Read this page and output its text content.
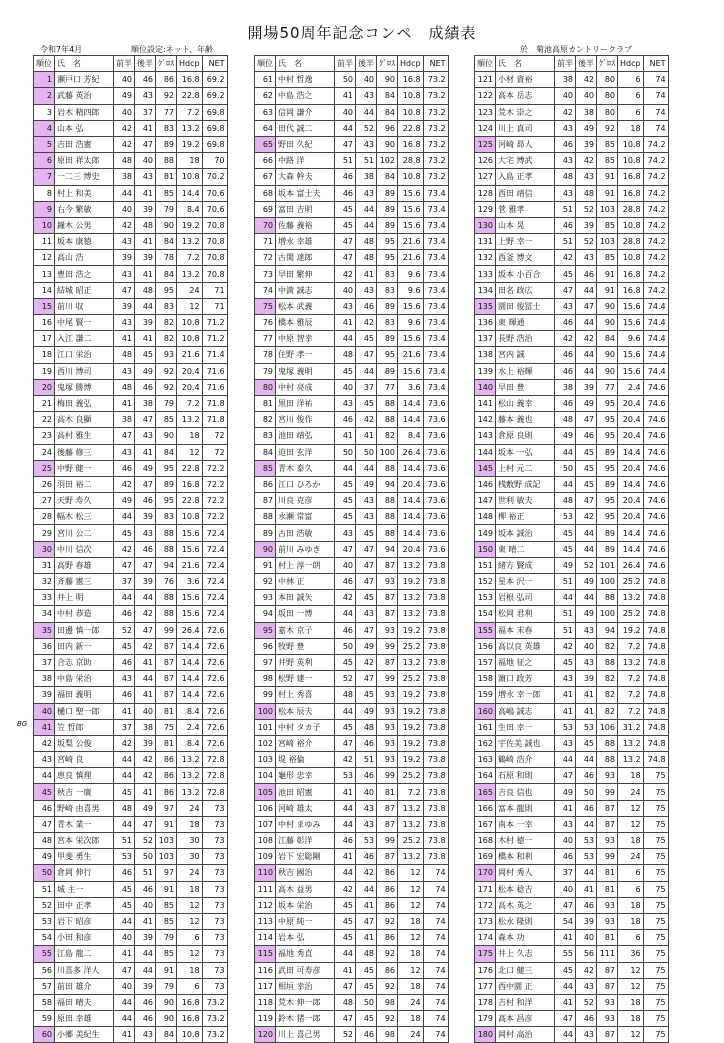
開場50周年記念コンペ　成績表
令和7年4月	順位設定:ネット、年齢	於　菊池高原カントリークラブ
順位	氏　名	前半	後半	ｸﾞﾛｽ	Hdcp	NET
1	瀬戸口 芳紀	40	46	86	16.8	69.2
2	武藤 英治	49	43	92	22.8	69.2
3	岩木 精四郎	40	37	77	7.2	69.8
4	山本 弘	42	41	83	13.2	69.8
5	吉田 浩憲	42	47	89	19.2	69.8
6	原田 祥太郎	48	40	88	18	70
7	一二三 博史	38	43	81	10.8	70.2
8	村上 和美	44	41	85	14.4	70.6
9	右今 繁敏	40	39	79	8.4	70.6
10	鐘木 公男	42	48	90	19.2	70.8
11	坂本 康徳	43	41	84	13.2	70.8
12	高山 浩	39	39	78	7.2	70.8
13	豊田 浩之	43	41	84	13.2	70.8
14	結城 昭正	47	48	95	24	71
15	前川 収	39	44	83	12	71
16	中尾 賢一	43	39	82	10.8	71.2
17	入江 謙二	41	41	82	10.8	71.2
18	江口 栄治	48	45	93	21.6	71.4
19	西川 博司	43	49	92	20.4	71.6
20	鬼塚 勝博	48	46	92	20.4	71.6
21	梅田 義弘	41	38	79	7.2	71.8
22	高木 良顯	38	47	85	13.2	71.8
23	高村 雅生	47	43	90	18	72
24	後藤 修三	43	41	84	12	72
25	中野 健一	46	49	95	22.8	72.2
26	羽田 裕二	42	47	89	16.8	72.2
27	天野 寿久	49	46	95	22.8	72.2
28	幅木 松三	44	39	83	10.8	72.2
29	宮川 公二	45	43	88	15.6	72.4
30	中川 信次	42	46	88	15.6	72.4
31	高野 春雄	47	47	94	21.6	72.4
32	斉藤 憲三	37	39	76	3.6	72.4
33	井上 明	44	44	88	15.6	72.4
34	中村 恭造	46	42	88	15.6	72.4
35	田邊 慎一郎	52	47	99	26.4	72.6
36	田内 新一	45	42	87	14.4	72.6
37	合志 京助	46	41	87	14.4	72.6
38	中島 栄治	43	44	87	14.4	72.6
39	福田 義明	46	41	87	14.4	72.6
40	樋口 聖一郎	41	40	81	8.4	72.6
41	笠 哲郎	37	38	75	2.4	72.6
42	坂梨 公俊	42	39	81	8.4	72.6
43	宮崎 良	44	42	86	13.2	72.8
44	恵良 慎理	44	42	86	13.2	72.8
45	秋吉 一廣	45	41	86	13.2	72.8
46	野崎 由喜男	48	49	97	24	73
47	青木 業一	44	47	91	18	73
48	宮本 栄次郎	51	52	103	30	73
49	甲斐 勇生	53	50	103	30	73
50	倉岡 伸行	46	51	97	24	73
51	城 主一	45	46	91	18	73
52	田中 正孝	45	40	85	12	73
53	岩下 昭彦	44	41	85	12	73
54	小田 和彦	40	39	79	6	73
55	江島 龍二	41	44	85	12	73
56	川喜多 洋人	47	44	91	18	73
57	前田 雄介	40	39	79	6	73
58	福田 晴夫	44	46	90	16.8	73.2
59	原田 幸雄	44	46	90	16.8	73.2
60	小郷 美紀生	41	43	84	10.8	73.2
BG
順位	氏　名	前半	後半	ｸﾞﾛｽ	Hdcp	NET
61	中村 哲逸	50	40	90	16.8	73.2
62	中島 浩之	41	43	84	10.8	73.2
63	信岡 謙介	40	44	84	10.8	73.2
64	田代 誠二	44	52	96	22.8	73.2
65	野田 久紀	47	43	90	16.8	73.2
66	中路 洋	51	51	102	28.8	73.2
67	大森 幹夫	46	38	84	10.8	73.2
68	坂本 富士夫	46	43	89	15.6	73.4
69	富田 吉明	45	44	89	15.6	73.4
70	佐藤 義裕	45	44	89	15.6	73.4
71	増永 幸雄	47	48	95	21.6	73.4
72	古関 達郎	47	48	95	21.6	73.4
73	早田 繁伸	42	41	83	9.6	73.4
74	中満 誠志	40	43	83	9.6	73.4
75	松本 武義	43	46	89	15.6	73.4
76	橋本 雅辰	41	42	83	9.6	73.4
77	中原 智幸	44	45	89	15.6	73.4
78	住野 孝一	48	47	95	21.6	73.4
79	鬼塚 義明	45	44	89	15.6	73.4
80	中村 亮成	40	37	77	3.6	73.4
81	黒田 洋祐	43	45	88	14.4	73.6
82	宮川 俊作	46	42	88	14.4	73.6
83	池田 靖弘	41	41	82	8.4	73.6
84	迫田 玄洋	50	50	100	26.4	73.6
85	青木 泰久	44	44	88	14.4	73.6
86	江口 ひろか	45	49	94	20.4	73.6
87	川良 克彦	45	43	88	14.4	73.6
88	永瀬 常富	45	43	88	14.4	73.6
89	古田 浩敏	43	45	88	14.4	73.6
90	前川 みゆき	47	47	94	20.4	73.6
91	村上 淳一朗	40	47	87	13.2	73.8
92	中林 正	46	47	93	19.2	73.8
93	本田 誠矢	42	45	87	13.2	73.8
94	坂田 一博	44	43	87	13.2	73.8
95	嘉木 京子	46	47	93	19.2	73.8
96	牧野 豊	50	49	99	25.2	73.8
97	井野 英利	45	42	87	13.2	73.8
98	松野 建一	52	47	99	25.2	73.8
99	村上 秀喜	48	45	93	19.2	73.8
100	松本 辰夫	44	49	93	19.2	73.8
101	中村 タカ子	45	48	93	19.2	73.8
102	宮崎 裕介	47	46	93	19.2	73.8
103	堤 裕倫	42	51	93	19.2	73.8
104	龜形 忠幸	53	46	99	25.2	73.8
105	池田 昭憲	41	40	81	7.2	73.8
106	河崎 雄太	44	43	87	13.2	73.8
107	中村 まゆみ	44	43	87	13.2	73.8
108	江藤 彰洋	46	53	99	25.2	73.8
109	岩下 宏聡剛	41	46	87	13.2	73.8
110	秋吉 國治	44	42	86	12	74
111	高木 益男	42	44	86	12	74
112	坂本 栄治	45	41	86	12	74
113	中原 純一	45	47	92	18	74
114	岩本 弘	45	41	86	12	74
115	福地 秀直	44	48	92	18	74
116	武田 可寿彦	41	45	86	12	74
117	相垣 幸治	47	45	92	18	74
118	荒木 伸一郎	48	50	98	24	74
119	鈴木 猪一郎	47	45	92	18	74
120	川上 喜己男	52	46	98	24	74
順位	氏　名	前半	後半	ｸﾞﾛｽ	Hdcp	NET
121	小材 資裕	38	42	80	6	74
122	高本 岳志	40	40	80	6	74
123	荒木 崇之	42	38	80	6	74
124	川上 真司	43	49	92	18	74
125	河崎 昴人	46	39	85	10.8	74.2
126	大宅 博武	43	42	85	10.8	74.2
127	入島 正孝	48	43	91	16.8	74.2
128	西田 靖信	43	48	91	16.8	74.2
129	菅 雅孝	51	52	103	28.8	74.2
130	山本 晃	46	39	85	10.8	74.2
131	上野 幸一	51	52	103	28.8	74.2
132	西釜 博文	42	43	85	10.8	74.2
133	坂本 小百合	45	46	91	16.8	74.2
134	田名 政広	47	44	91	16.8	74.2
135	園田 俊冨士	43	47	90	15.6	74.4
136	東 輝通	46	44	90	15.6	74.4
137	長野 浩治	42	42	84	9.6	74.4
138	宮内 誠	46	44	90	15.6	74.4
139	水上 裕輝	46	44	90	15.6	74.4
140	早田 豊	38	39	77	2.4	74.6
141	松山 義幸	46	49	95	20.4	74.6
142	藤本 義也	48	47	95	20.4	74.6
143	倉原 良則	49	46	95	20.4	74.6
144	坂本 一弘	44	45	89	14.4	74.6
145	上村 元二	50	45	95	20.4	74.6
146	桟敷野 成記	44	45	89	14.4	74.6
147	世利 敏夫	48	47	95	20.4	74.6
148	柳 裕正	53	42	95	20.4	74.6
149	坂本 誠治	45	44	89	14.4	74.6
150	東 晴二	45	44	89	14.4	74.6
151	緒方 賢成	49	52	101	26.4	74.6
152	星本 沢一	51	49	100	25.2	74.8
153	岩根 弘司	44	44	88	13.2	74.8
154	松岡 君利	51	49	100	25.2	74.8
155	福本 末春	51	43	94	19.2	74.8
156	高以良 英雄	42	40	82	7.2	74.8
157	福地 征之	45	43	88	13.2	74.8
158	濵口 政芳	43	39	82	7.2	74.8
159	増永 幸一郎	41	41	82	7.2	74.8
160	高嶋 誠志	41	41	82	7.2	74.8
161	生田 幸一	53	53	106	31.2	74.8
162	宇佐美 誠也	43	45	88	13.2	74.8
163	鶴崎 浩介	44	44	88	13.2	74.8
164	石原 和則	47	46	93	18	75
165	吉良 信也	49	50	99	24	75
166	富本 龍則	41	46	87	12	75
167	南本 一幸	43	44	87	12	75
168	木村 徳一	40	53	93	18	75
169	橋本 和利	46	53	99	24	75
170	岡村 秀人	37	44	81	6	75
171	松本 稔吉	40	41	81	6	75
172	高木 英之	47	46	93	18	75
173	松永 隆則	54	39	93	18	75
174	森本 功	41	40	81	6	75
175	井上 久志	55	56	111	36	75
176	北口 健三	45	42	87	12	75
177	西中園 正	44	43	87	12	75
178	吉村 和洋	41	52	93	18	75
179	高本 昌彦	47	46	93	18	75
180	岡村 高治	44	43	87	12	75
